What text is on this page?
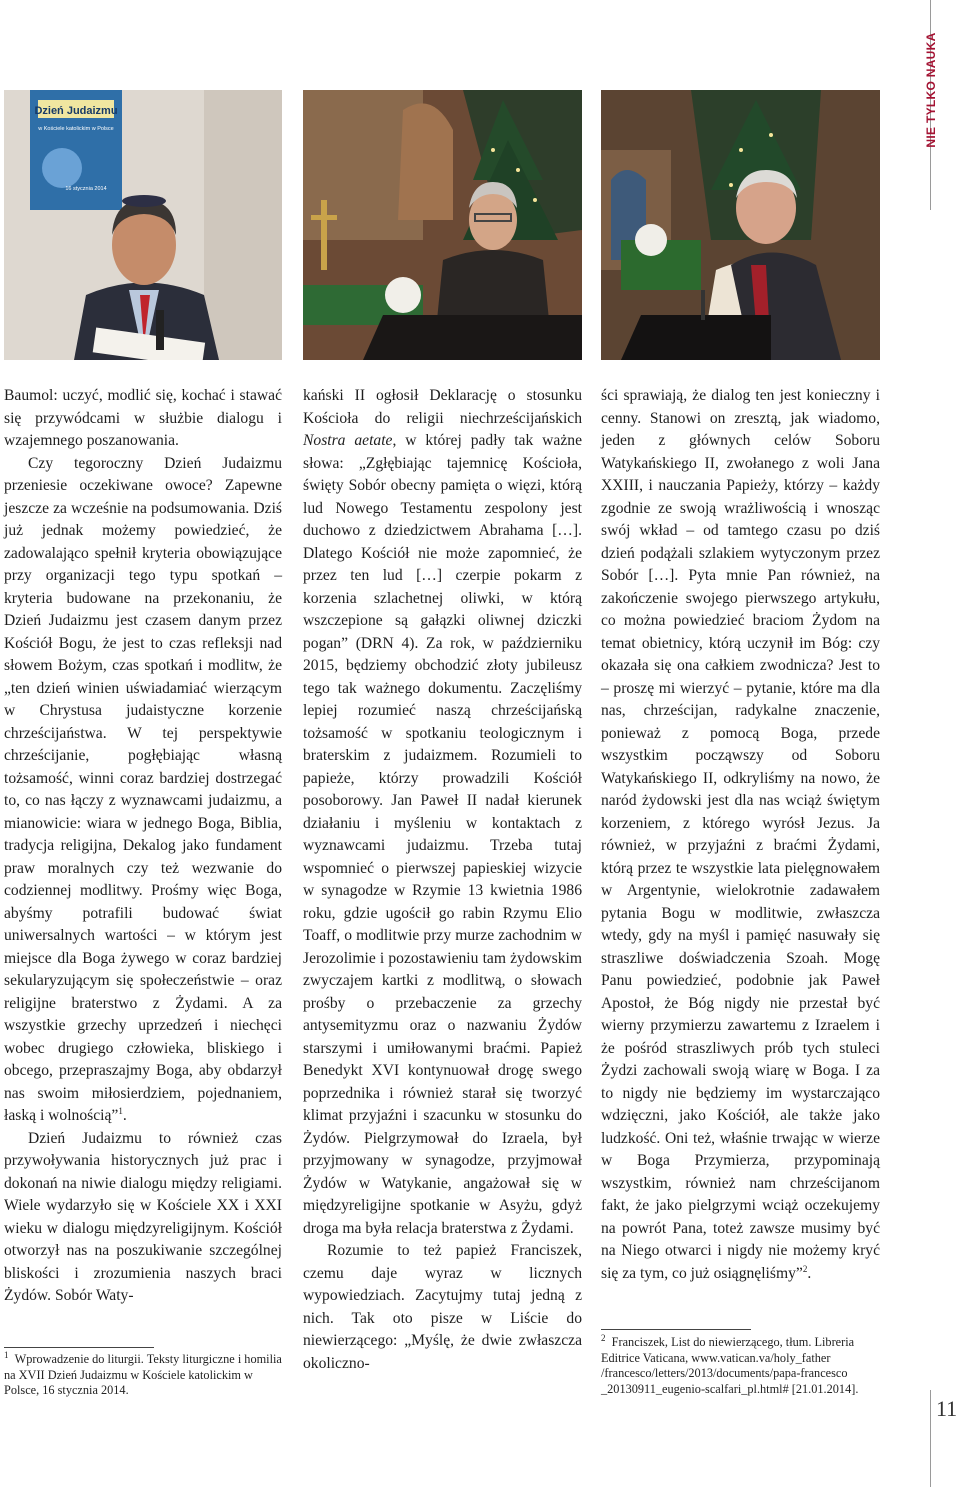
Dzień Judaizmu
w Kościele katolickim w Polsce
16 stycznia 2014
NIE TYLKO NAUKA
11

Baumol: uczyć, modlić się, kochać i stawać się przywódcami w służbie dialogu i wzajemnego poszanowania.

Czy tegoroczny Dzień Judaizmu przeniesie oczekiwane owoce? Zapewne jeszcze za wcześnie na podsumowania. Dziś już jednak możemy powiedzieć, że zadowalająco spełnił kryteria obowiązujące przy organizacji tego typu spotkań – kryteria budowane na przekonaniu, że Dzień Judaizmu jest czasem danym przez Kościół Bogu, że jest to czas refleksji nad słowem Bożym, czas spotkań i modlitw, że „ten dzień winien uświadamiać wierzącym w Chrystusa judaistyczne korzenie chrześcijaństwa. W tej perspektywie chrześcijanie, pogłębiając własną tożsamość, winni coraz bardziej dostrzegać to, co nas łączy z wyznawcami judaizmu, a mianowicie: wiara w jednego Boga, Biblia, tradycja religijna, Dekalog jako fundament praw moralnych czy też wezwanie do codziennej modlitwy. Prośmy więc Boga, abyśmy potrafili budować świat uniwersalnych wartości – w którym jest miejsce dla Boga żywego w coraz bardziej sekularyzującym się społeczeństwie – oraz religijne braterstwo z Żydami. A za wszystkie grzechy uprzedzeń i niechęci wobec drugiego człowieka, bliskiego i obcego, przepraszajmy Boga, aby obdarzył nas swoim miłosierdziem, pojednaniem, łaską i wolnością”$^1$.

Dzień Judaizmu to również czas przywoływania historycznych już prac i dokonań na niwie dialogu między religiami. Wiele wydarzyło się w Kościele XX i XXI wieku w dialogu międzyreligijnym. Kościół otworzył nas na poszukiwanie szczególnej bliskości i zrozumienia naszych braci Żydów. Sobór Waty-

kański II ogłosił Deklarację o stosunku Kościoła do religii niechrześcijańskich Nostra aetate, w której padły tak ważne słowa: „Zgłębiając tajemnicę Kościoła, święty Sobór obecny pamięta o więzi, którą lud Nowego Testamentu zespolony jest duchowo z dziedzictwem Abrahama […]. Dlatego Kościół nie może zapomnieć, że przez ten lud […] czerpie pokarm z korzenia szlachetnej oliwki, w którą wszczepione są gałązki oliwnej dziczki pogan” (DRN 4). Za rok, w październiku 2015, będziemy obchodzić złoty jubileusz tego tak ważnego dokumentu. Zaczęliśmy lepiej rozumieć naszą chrześcijańską tożsamość w spotkaniu teologicznym i braterskim z judaizmem. Rozumieli to papieże, którzy prowadzili Kościół posoborowy. Jan Paweł II nadał kierunek działaniu i myśleniu w kontaktach z wyznawcami judaizmu. Trzeba tutaj wspomnieć o pierwszej papieskiej wizycie w synagodze w Rzymie 13 kwietnia 1986 roku, gdzie ugościł go rabin Rzymu Elio Toaff, o modlitwie przy murze zachodnim w Jerozolimie i pozostawieniu tam żydowskim zwyczajem kartki z modlitwą, o słowach prośby o przebaczenie za grzechy antysemityzmu oraz o nazwaniu Żydów starszymi i umiłowanymi braćmi. Papież Benedykt XVI kontynuował drogę swego poprzednika i również starał się tworzyć klimat przyjaźni i szacunku w stosunku do Żydów. Pielgrzymował do Izraela, był przyjmowany w synagodze, przyjmował Żydów w Watykanie, angażował się w międzyreligijne spotkanie w Asyżu, gdyż droga ma była relacja braterstwa z Żydami.

Rozumie to też papież Franciszek, czemu daje wyraz w licznych wypowiedziach. Zacytujmy tutaj jedną z nich. Tak oto pisze w Liście do niewierzącego: „Myślę, że dwie zwłaszcza okoliczno-

ści sprawiają, że dialog ten jest konieczny i cenny. Stanowi on zresztą, jak wiadomo, jeden z głównych celów Soboru Watykańskiego II, zwołanego z woli Jana XXIII, i nauczania Papieży, którzy – każdy zgodnie ze swoją wrażliwością i wnosząc swój wkład – od tamtego czasu po dziś dzień podążali szlakiem wytyczonym przez Sobór […]. Pyta mnie Pan również, na zakończenie swojego pierwszego artykułu, co można powiedzieć braciom Żydom na temat obietnicy, którą uczynił im Bóg: czy okazała się ona całkiem zwodnicza? Jest to – proszę mi wierzyć – pytanie, które ma dla nas, chrześcijan, radykalne znaczenie, ponieważ z pomocą Boga, przede wszystkim począwszy od Soboru Watykańskiego II, odkryliśmy na nowo, że naród żydowski jest dla nas wciąż świętym korzeniem, z którego wyrósł Jezus. Ja również, w przyjaźni z braćmi Żydami, którą przez te wszystkie lata pielęgnowałem w Argentynie, wielokrotnie zadawałem pytania Bogu w modlitwie, zwłaszcza wtedy, gdy na myśl i pamięć nasuwały się straszliwe doświadczenia Szoah. Mogę Panu powiedzieć, podobnie jak Paweł Apostoł, że Bóg nigdy nie przestał być wierny przymierzu zawartemu z Izraelem i że pośród straszliwych prób tych stuleci Żydzi zachowali swoją wiarę w Boga. I za to nigdy nie będziemy im wystarczająco wdzięczni, jako Kościół, ale także jako ludzkość. Oni też, właśnie trwając w wierze w Boga Przymierza, przypominają wszystkim, również nam chrześcijanom fakt, że jako pielgrzymi wciąż oczekujemy na powrót Pana, toteż zawsze musimy być na Niego otwarci i nigdy nie możemy kryć się za tym, co już osiągnęliśmy”$^2$.

$^1$ Wprowadzenie do liturgii. Teksty liturgiczne i homilia na XVII Dzień Judaizmu w Kościele katolickim w Polsce, 16 stycznia 2014.
$^2$ Franciszek, List do niewierzącego, tłum. Libreria Editrice Vaticana, www.vatican.va/holy_father /francesco/letters/2013/documents/papa-francesco _20130911_eugenio-scalfari_pl.html# [21.01.2014].
